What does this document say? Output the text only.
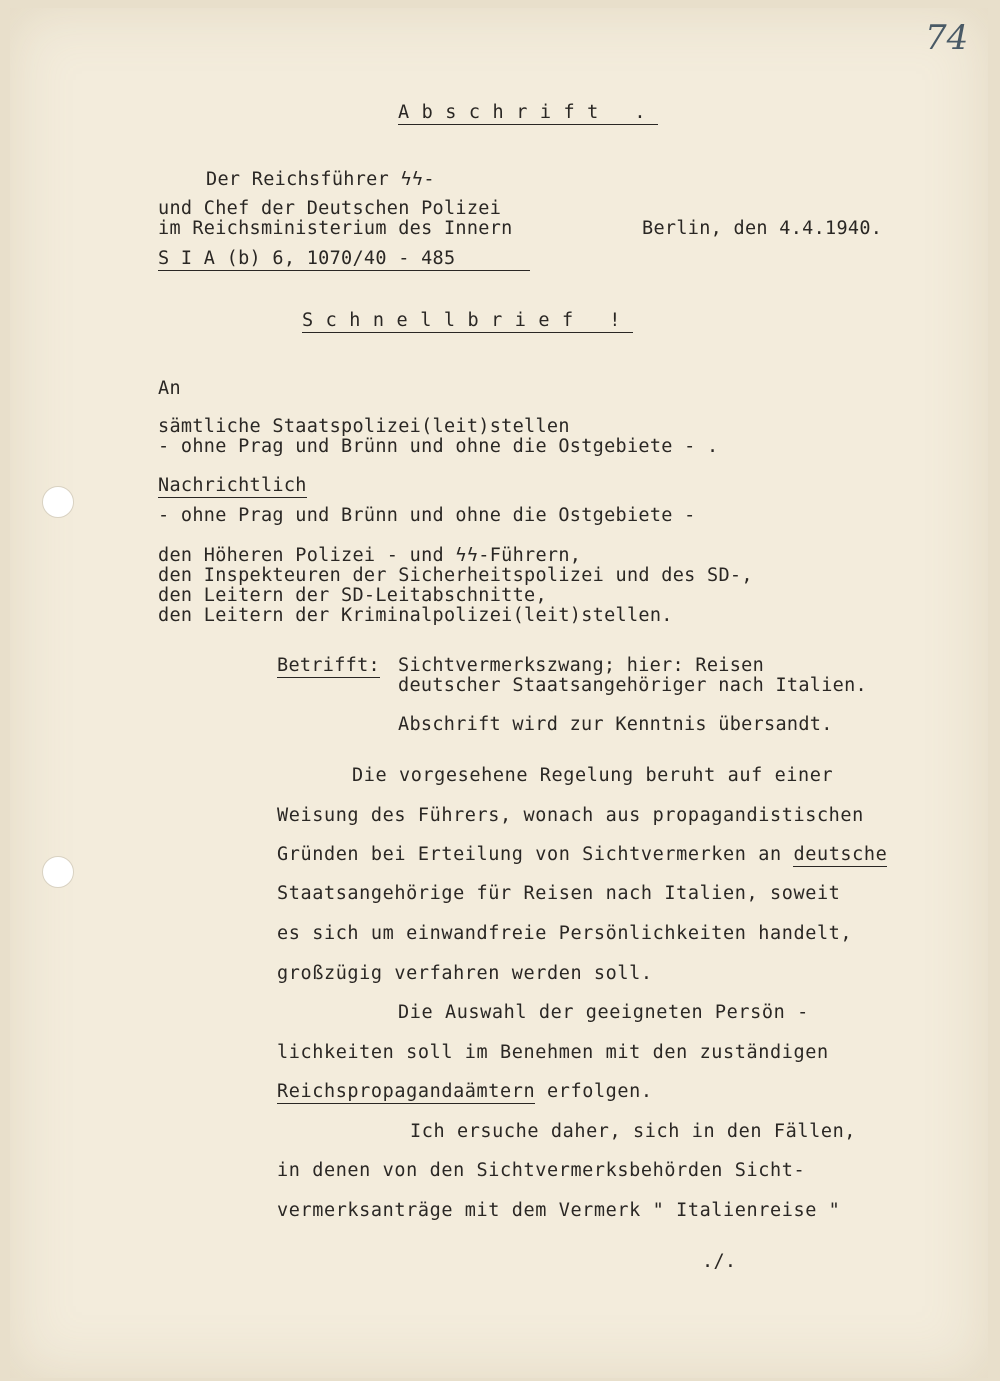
74
Abschrift .
Der Reichsführer ϟϟ-
und Chef der Deutschen Polizei
im Reichsministerium des Innern
S I A (b) 6, 1070/40 - 485
Berlin, den 4.4.1940.
Schnellbrief !
An
sämtliche Staatspolizei(leit)stellen
- ohne Prag und Brünn und ohne die Ostgebiete - .
Nachrichtlich
- ohne Prag und Brünn und ohne die Ostgebiete -
den Höheren Polizei - und ϟϟ-Führern,
den Inspekteuren der Sicherheitspolizei und des SD-,
den Leitern der SD-Leitabschnitte,
den Leitern der Kriminalpolizei(leit)stellen.
Betrifft: Sichtvermerkszwang; hier: Reisen
deutscher Staatsangehöriger nach Italien.
Abschrift wird zur Kenntnis übersandt.
Die vorgesehene Regelung beruht auf einer
Weisung des Führers, wonach aus propagandistischen
Gründen bei Erteilung von Sichtvermerken an deutsche
Staatsangehörige für Reisen nach Italien, soweit
es sich um einwandfreie Persönlichkeiten handelt,
großzügig verfahren werden soll.
Die Auswahl der geeigneten Persön -
lichkeiten soll im Benehmen mit den zuständigen
Reichspropagandaämtern erfolgen.
Ich ersuche daher, sich in den Fällen,
in denen von den Sichtvermerksbehörden Sicht-
vermerksanträge mit dem Vermerk " Italienreise "
./.
